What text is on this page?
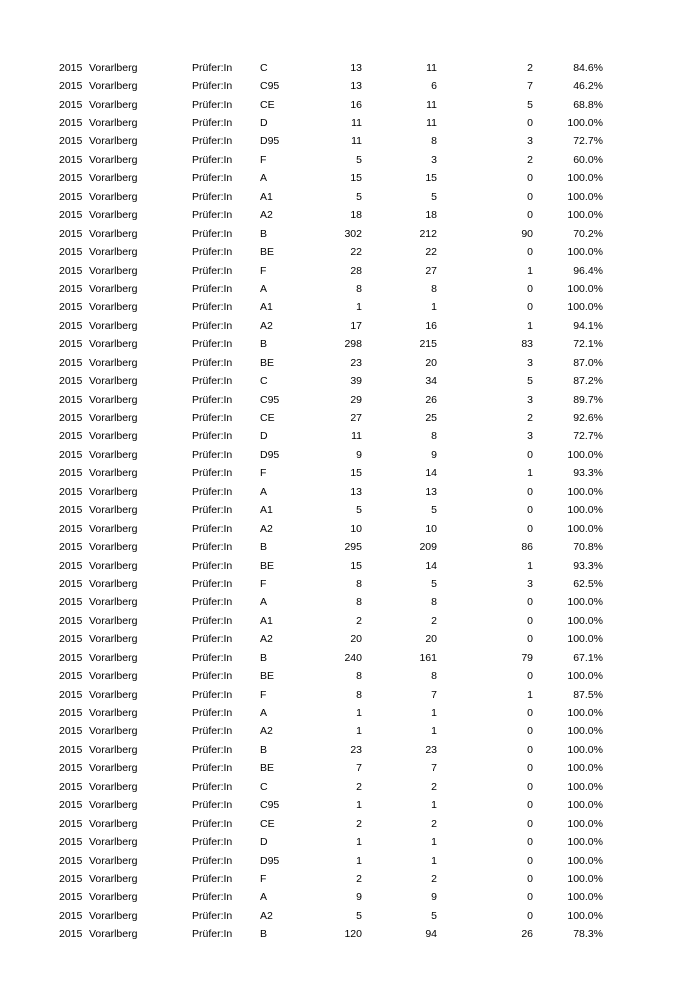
	2015	Vorarlberg	Prüfer:In	C	13	11	2	84.6%	
	2015	Vorarlberg	Prüfer:In	C95	13	6	7	46.2%	
	2015	Vorarlberg	Prüfer:In	CE	16	11	5	68.8%	
	2015	Vorarlberg	Prüfer:In	D	11	11	0	100.0%	
	2015	Vorarlberg	Prüfer:In	D95	11	8	3	72.7%	
	2015	Vorarlberg	Prüfer:In	F	5	3	2	60.0%	
	2015	Vorarlberg	Prüfer:In	A	15	15	0	100.0%	
	2015	Vorarlberg	Prüfer:In	A1	5	5	0	100.0%	
	2015	Vorarlberg	Prüfer:In	A2	18	18	0	100.0%	
	2015	Vorarlberg	Prüfer:In	B	302	212	90	70.2%	
	2015	Vorarlberg	Prüfer:In	BE	22	22	0	100.0%	
	2015	Vorarlberg	Prüfer:In	F	28	27	1	96.4%	
	2015	Vorarlberg	Prüfer:In	A	8	8	0	100.0%	
	2015	Vorarlberg	Prüfer:In	A1	1	1	0	100.0%	
	2015	Vorarlberg	Prüfer:In	A2	17	16	1	94.1%	
	2015	Vorarlberg	Prüfer:In	B	298	215	83	72.1%	
	2015	Vorarlberg	Prüfer:In	BE	23	20	3	87.0%	
	2015	Vorarlberg	Prüfer:In	C	39	34	5	87.2%	
	2015	Vorarlberg	Prüfer:In	C95	29	26	3	89.7%	
	2015	Vorarlberg	Prüfer:In	CE	27	25	2	92.6%	
	2015	Vorarlberg	Prüfer:In	D	11	8	3	72.7%	
	2015	Vorarlberg	Prüfer:In	D95	9	9	0	100.0%	
	2015	Vorarlberg	Prüfer:In	F	15	14	1	93.3%	
	2015	Vorarlberg	Prüfer:In	A	13	13	0	100.0%	
	2015	Vorarlberg	Prüfer:In	A1	5	5	0	100.0%	
	2015	Vorarlberg	Prüfer:In	A2	10	10	0	100.0%	
	2015	Vorarlberg	Prüfer:In	B	295	209	86	70.8%	
	2015	Vorarlberg	Prüfer:In	BE	15	14	1	93.3%	
	2015	Vorarlberg	Prüfer:In	F	8	5	3	62.5%	
	2015	Vorarlberg	Prüfer:In	A	8	8	0	100.0%	
	2015	Vorarlberg	Prüfer:In	A1	2	2	0	100.0%	
	2015	Vorarlberg	Prüfer:In	A2	20	20	0	100.0%	
	2015	Vorarlberg	Prüfer:In	B	240	161	79	67.1%	
	2015	Vorarlberg	Prüfer:In	BE	8	8	0	100.0%	
	2015	Vorarlberg	Prüfer:In	F	8	7	1	87.5%	
	2015	Vorarlberg	Prüfer:In	A	1	1	0	100.0%	
	2015	Vorarlberg	Prüfer:In	A2	1	1	0	100.0%	
	2015	Vorarlberg	Prüfer:In	B	23	23	0	100.0%	
	2015	Vorarlberg	Prüfer:In	BE	7	7	0	100.0%	
	2015	Vorarlberg	Prüfer:In	C	2	2	0	100.0%	
	2015	Vorarlberg	Prüfer:In	C95	1	1	0	100.0%	
	2015	Vorarlberg	Prüfer:In	CE	2	2	0	100.0%	
	2015	Vorarlberg	Prüfer:In	D	1	1	0	100.0%	
	2015	Vorarlberg	Prüfer:In	D95	1	1	0	100.0%	
	2015	Vorarlberg	Prüfer:In	F	2	2	0	100.0%	
	2015	Vorarlberg	Prüfer:In	A	9	9	0	100.0%	
	2015	Vorarlberg	Prüfer:In	A2	5	5	0	100.0%	
	2015	Vorarlberg	Prüfer:In	B	120	94	26	78.3%	
